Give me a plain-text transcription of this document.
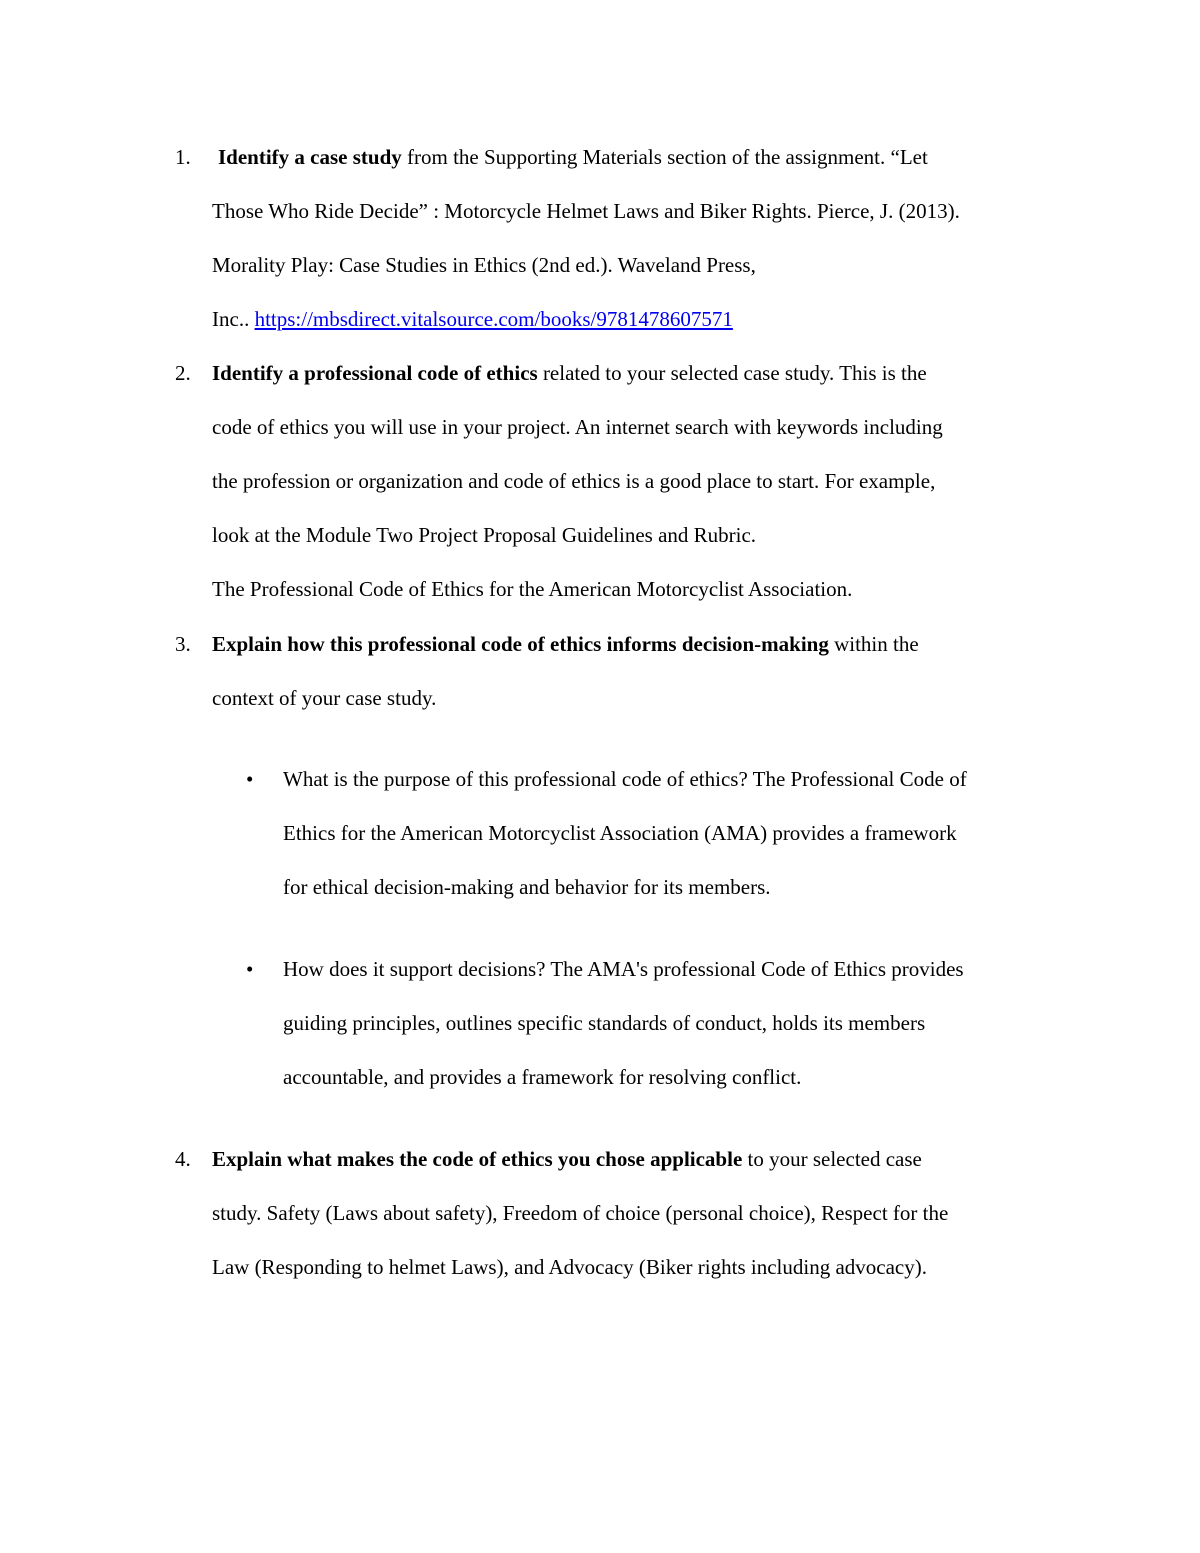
1. Identify a case study from the Supporting Materials section of the assignment. “Let
Those Who Ride Decide” : Motorcycle Helmet Laws and Biker Rights. Pierce, J. (2013).
Morality Play: Case Studies in Ethics (2nd ed.). Waveland Press,
Inc.. https://mbsdirect.vitalsource.com/books/9781478607571
2. Identify a professional code of ethics related to your selected case study. This is the
code of ethics you will use in your project. An internet search with keywords including
the profession or organization and code of ethics is a good place to start. For example,
look at the Module Two Project Proposal Guidelines and Rubric.
The Professional Code of Ethics for the American Motorcyclist Association.
3. Explain how this professional code of ethics informs decision-making within the
context of your case study.
• What is the purpose of this professional code of ethics? The Professional Code of
Ethics for the American Motorcyclist Association (AMA) provides a framework
for ethical decision-making and behavior for its members.
• How does it support decisions? The AMA's professional Code of Ethics provides
guiding principles, outlines specific standards of conduct, holds its members
accountable, and provides a framework for resolving conflict.
4. Explain what makes the code of ethics you chose applicable to your selected case
study. Safety (Laws about safety), Freedom of choice (personal choice), Respect for the
Law (Responding to helmet Laws), and Advocacy (Biker rights including advocacy).
